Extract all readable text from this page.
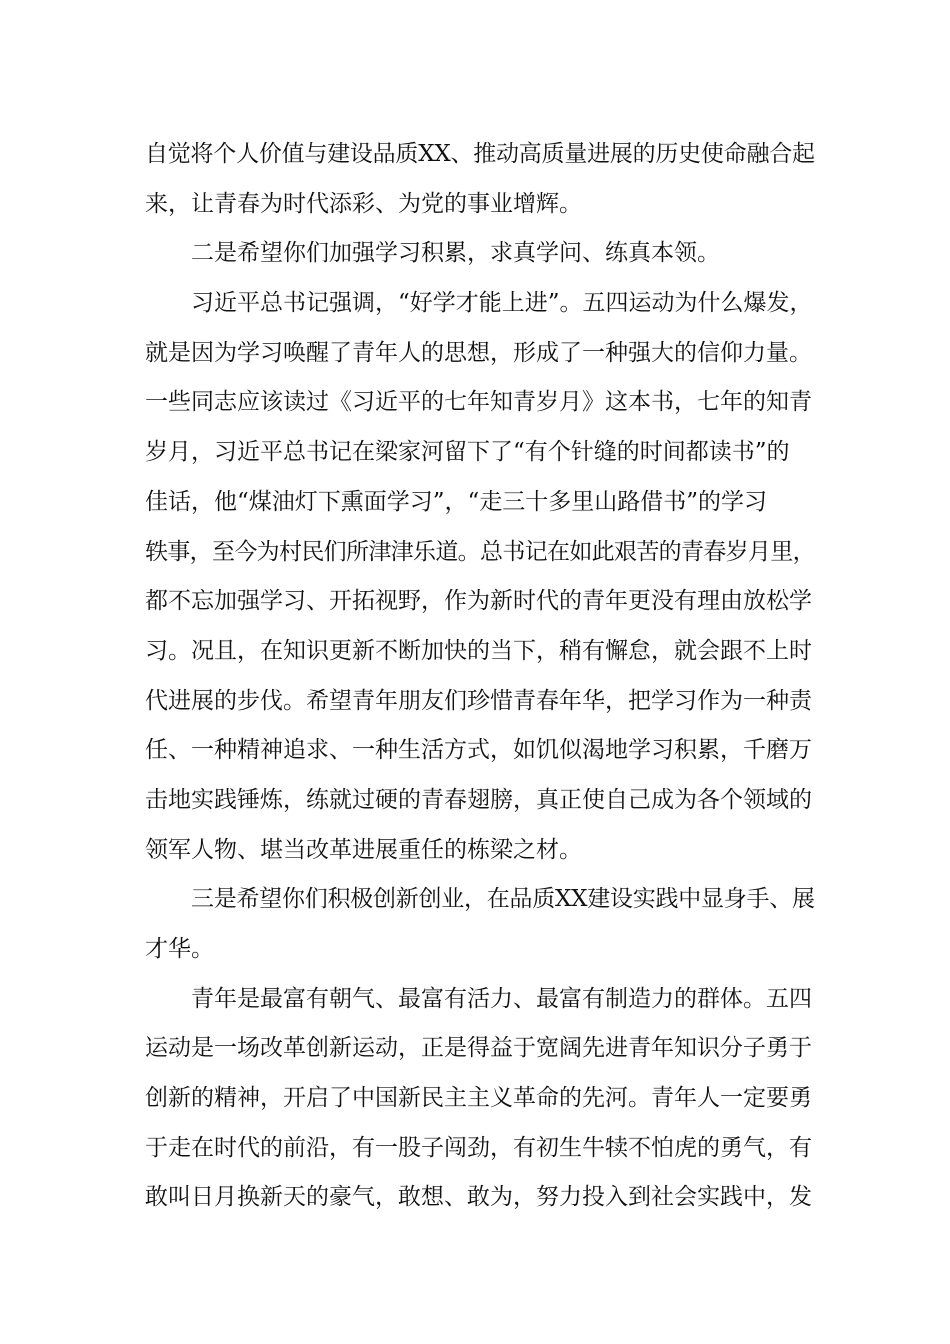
自觉将个人价值与建设品质XX、推动高质量进展的历史使命融合起
来，让青春为时代添彩、为党的事业增辉。
二是希望你们加强学习积累，求真学问、练真本领。
习近平总书记强调，“好学才能上进”。五四运动为什么爆发，
就是因为学习唤醒了青年人的思想，形成了一种强大的信仰力量。
一些同志应该读过《习近平的七年知青岁月》这本书，七年的知青
岁月，习近平总书记在梁家河留下了“有个针缝的时间都读书”的
佳话，他“煤油灯下熏面学习”，“走三十多里山路借书”的学习
轶事，至今为村民们所津津乐道。总书记在如此艰苦的青春岁月里，
都不忘加强学习、开拓视野，作为新时代的青年更没有理由放松学
习。况且，在知识更新不断加快的当下，稍有懈怠，就会跟不上时
代进展的步伐。希望青年朋友们珍惜青春年华，把学习作为一种责
任、一种精神追求、一种生活方式，如饥似渴地学习积累，千磨万
击地实践锤炼，练就过硬的青春翅膀，真正使自己成为各个领域的
领军人物、堪当改革进展重任的栋梁之材。
三是希望你们积极创新创业，在品质XX建设实践中显身手、展
才华。
青年是最富有朝气、最富有活力、最富有制造力的群体。五四
运动是一场改革创新运动，正是得益于宽阔先进青年知识分子勇于
创新的精神，开启了中国新民主主义革命的先河。青年人一定要勇
于走在时代的前沿，有一股子闯劲，有初生牛犊不怕虎的勇气，有
敢叫日月换新天的豪气，敢想、敢为，努力投入到社会实践中，发
